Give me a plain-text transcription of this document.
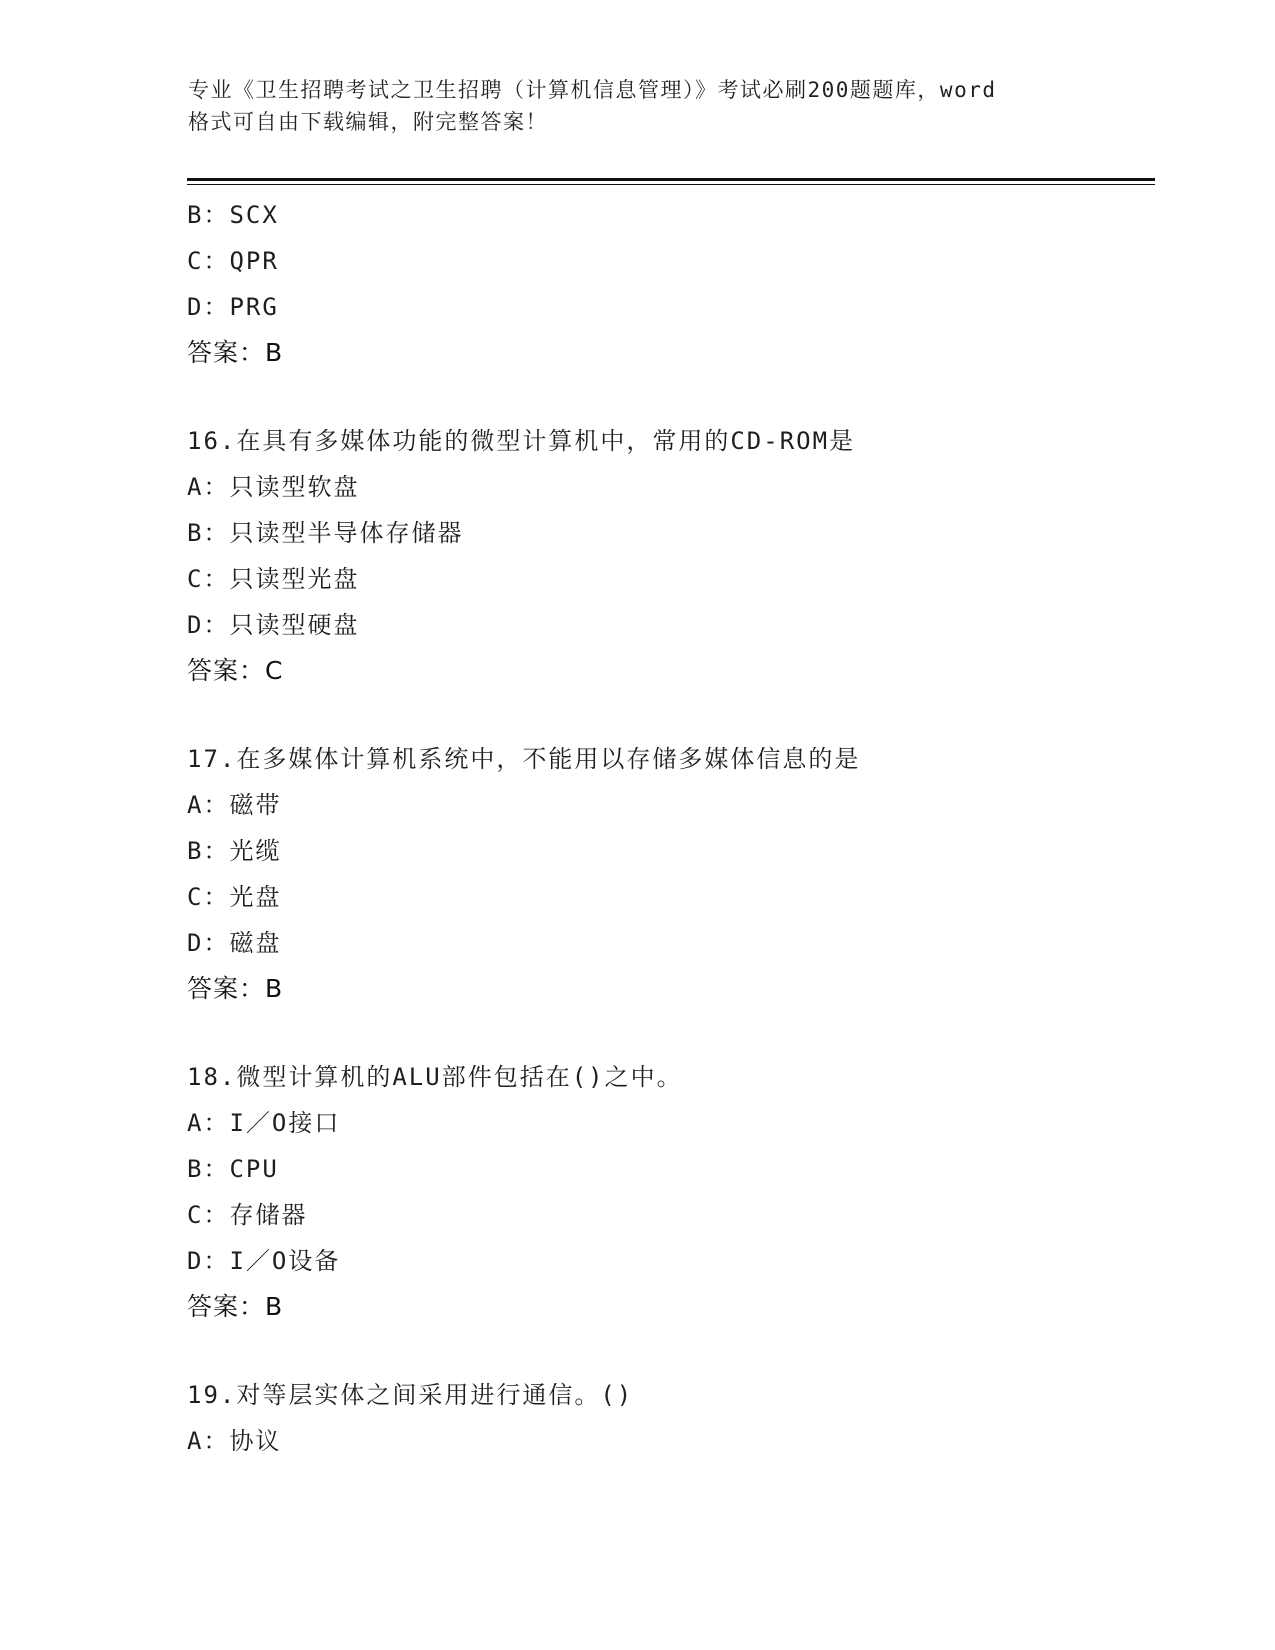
专业《卫生招聘考试之卫生招聘（计算机信息管理）》考试必刷200题题库，word
格式可自由下载编辑，附完整答案！
B：SCX
C：QPR
D：PRG
答案：B
16.在具有多媒体功能的微型计算机中，常用的CD-ROM是
A：只读型软盘
B：只读型半导体存储器
C：只读型光盘
D：只读型硬盘
答案：C
17.在多媒体计算机系统中，不能用以存储多媒体信息的是
A：磁带
B：光缆
C：光盘
D：磁盘
答案：B
18.微型计算机的ALU部件包括在()之中。
A：I／O接口
B：CPU
C：存储器
D：I／O设备
答案：B
19.对等层实体之间采用进行通信。()
A：协议
